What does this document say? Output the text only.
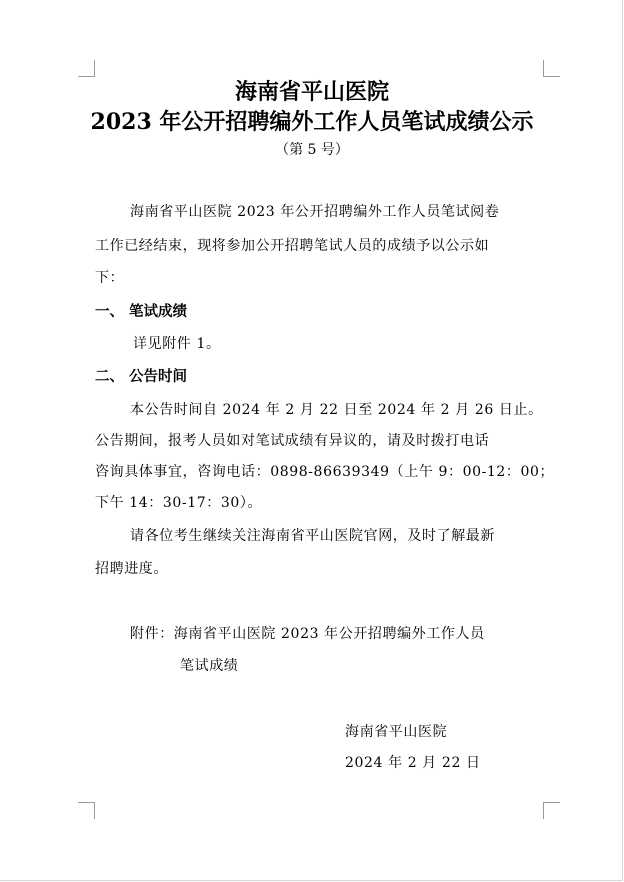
海南省平山医院
2023 年公开招聘编外工作人员笔试成绩公示
（第 5 号）
海南省平山医院 2023 年公开招聘编外工作人员笔试阅卷
工作已经结束，现将参加公开招聘笔试人员的成绩予以公示如
下：
一、 笔试成绩
详见附件 1。
二、 公告时间
本公告时间自 2024 年 2 月 22 日至 2024 年 2 月 26 日止。
公告期间，报考人员如对笔试成绩有异议的，请及时拨打电话
咨询具体事宜，咨询电话：0898-86639349（上午 9：00-12：00；
下午 14：30-17：30）。
请各位考生继续关注海南省平山医院官网，及时了解最新
招聘进度。
附件：海南省平山医院 2023 年公开招聘编外工作人员
笔试成绩
海南省平山医院
2024 年 2 月 22 日
